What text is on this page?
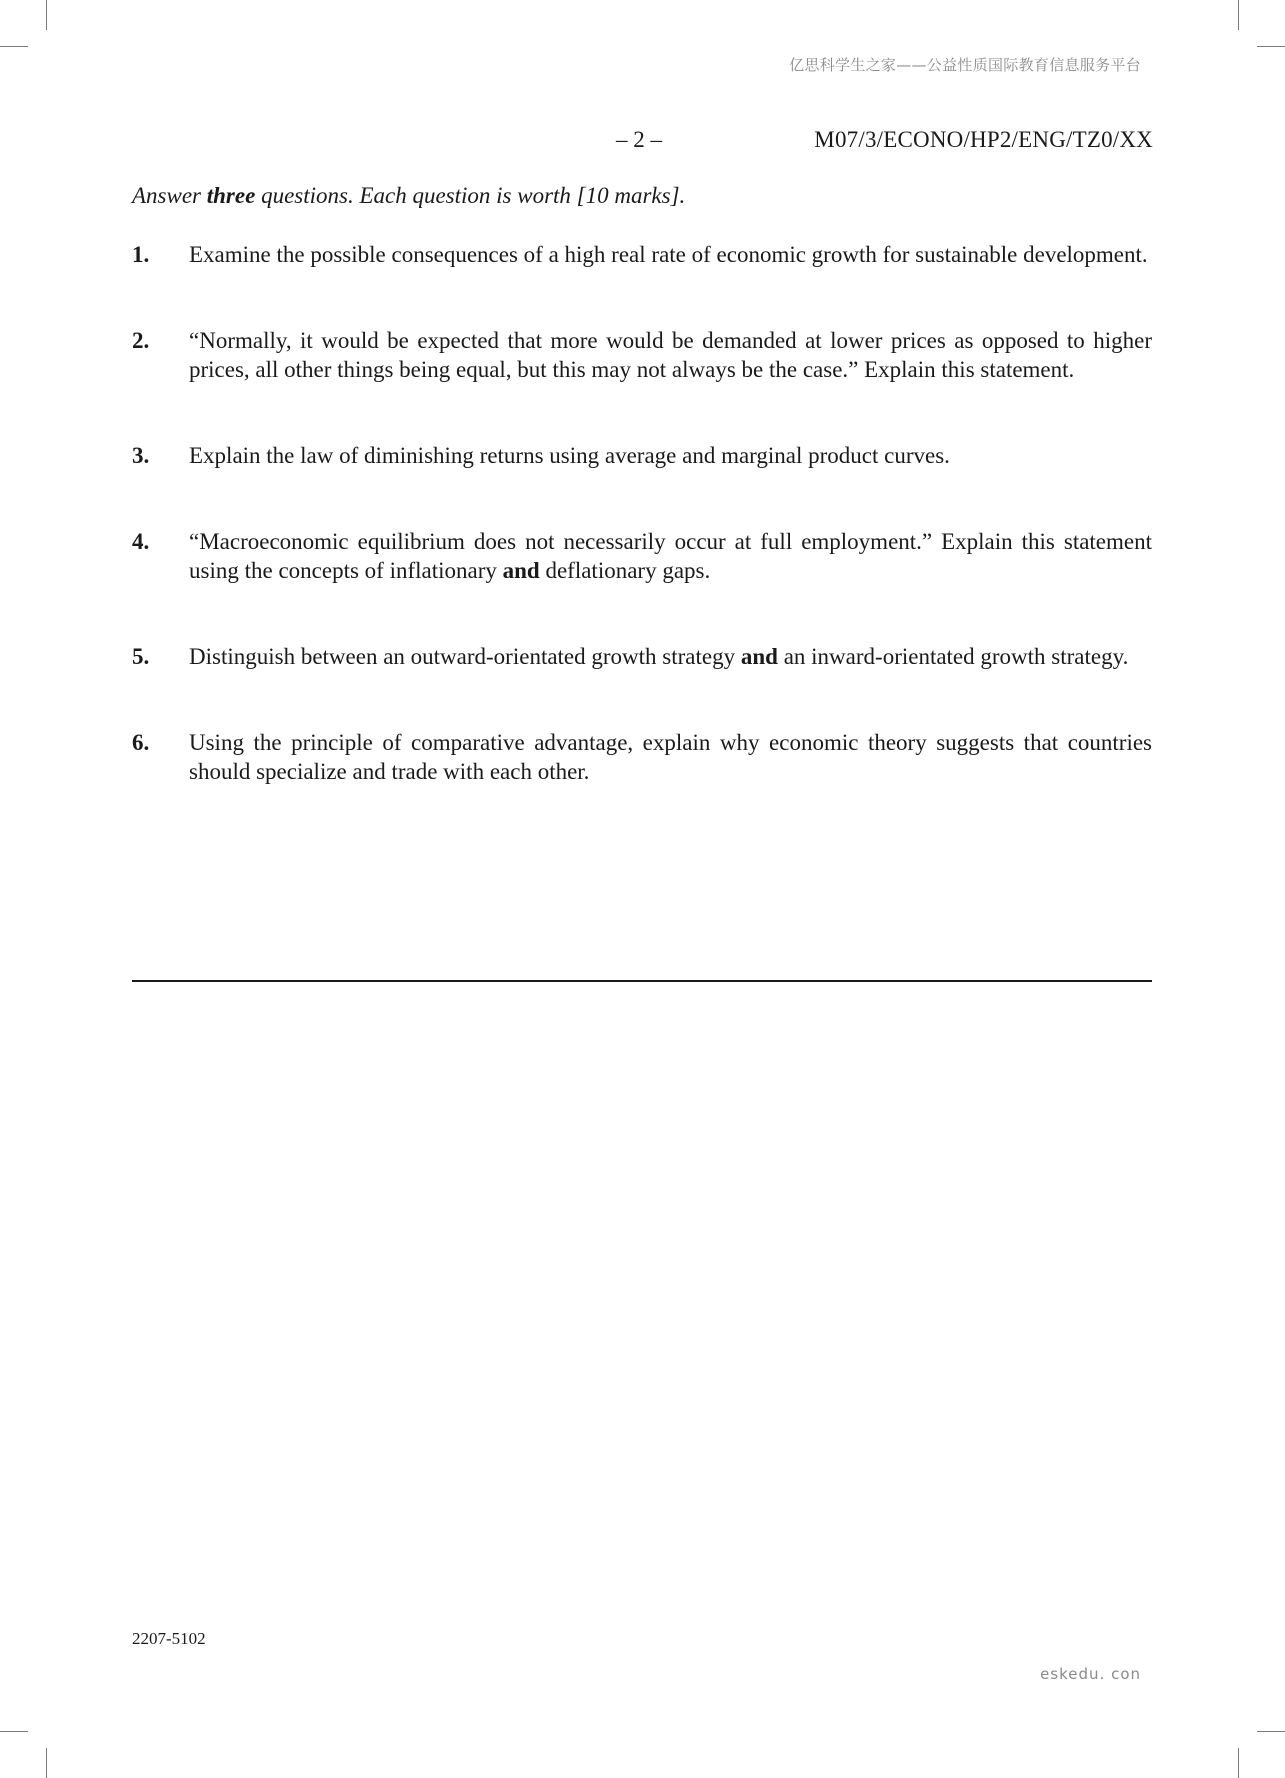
亿思科学生之家——公益性质国际教育信息服务平台
– 2 –	M07/3/ECONO/HP2/ENG/TZ0/XX
Answer three questions. Each question is worth [10 marks].
1. Examine the possible consequences of a high real rate of economic growth for sustainable development.
2. “Normally, it would be expected that more would be demanded at lower prices as opposed to higher prices, all other things being equal, but this may not always be the case.” Explain this statement.
3. Explain the law of diminishing returns using average and marginal product curves.
4. “Macroeconomic equilibrium does not necessarily occur at full employment.” Explain this statement using the concepts of inflationary and deflationary gaps.
5. Distinguish between an outward-orientated growth strategy and an inward-orientated growth strategy.
6. Using the principle of comparative advantage, explain why economic theory suggests that countries should specialize and trade with each other.
2207-5102
eskedu. con
